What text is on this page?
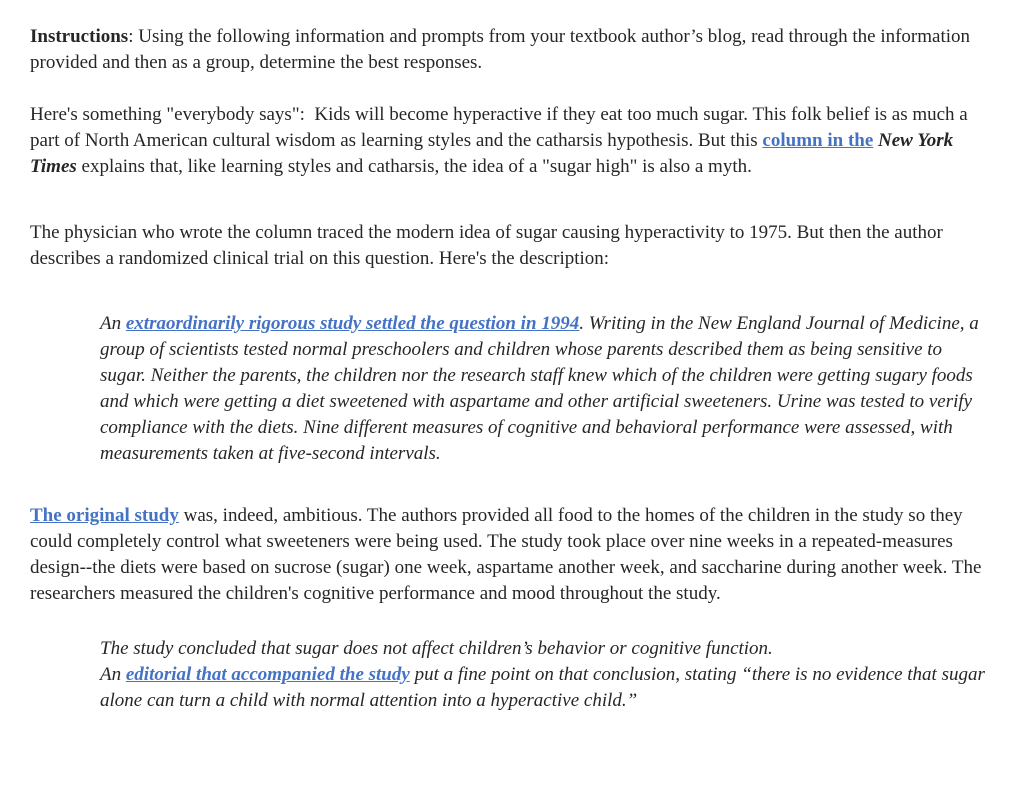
Instructions: Using the following information and prompts from your textbook author’s blog, read through the information provided and then as a group, determine the best responses.

Here's something "everybody says":  Kids will become hyperactive if they eat too much sugar. This folk belief is as much a part of North American cultural wisdom as learning styles and the catharsis hypothesis. But this column in the New York Times explains that, like learning styles and catharsis, the idea of a "sugar high" is also a myth.

The physician who wrote the column traced the modern idea of sugar causing hyperactivity to 1975. But then the author describes a randomized clinical trial on this question. Here's the description:

An extraordinarily rigorous study settled the question in 1994. Writing in the New England Journal of Medicine, a group of scientists tested normal preschoolers and children whose parents described them as being sensitive to sugar. Neither the parents, the children nor the research staff knew which of the children were getting sugary foods and which were getting a diet sweetened with aspartame and other artificial sweeteners. Urine was tested to verify compliance with the diets. Nine different measures of cognitive and behavioral performance were assessed, with measurements taken at five-second intervals.

The original study was, indeed, ambitious. The authors provided all food to the homes of the children in the study so they could completely control what sweeteners were being used. The study took place over nine weeks in a repeated-measures design--the diets were based on sucrose (sugar) one week, aspartame another week, and saccharine during another week. The researchers measured the children's cognitive performance and mood throughout the study.

The study concluded that sugar does not affect children’s behavior or cognitive function.
An editorial that accompanied the study put a fine point on that conclusion, stating “there is no evidence that sugar alone can turn a child with normal attention into a hyperactive child.”
